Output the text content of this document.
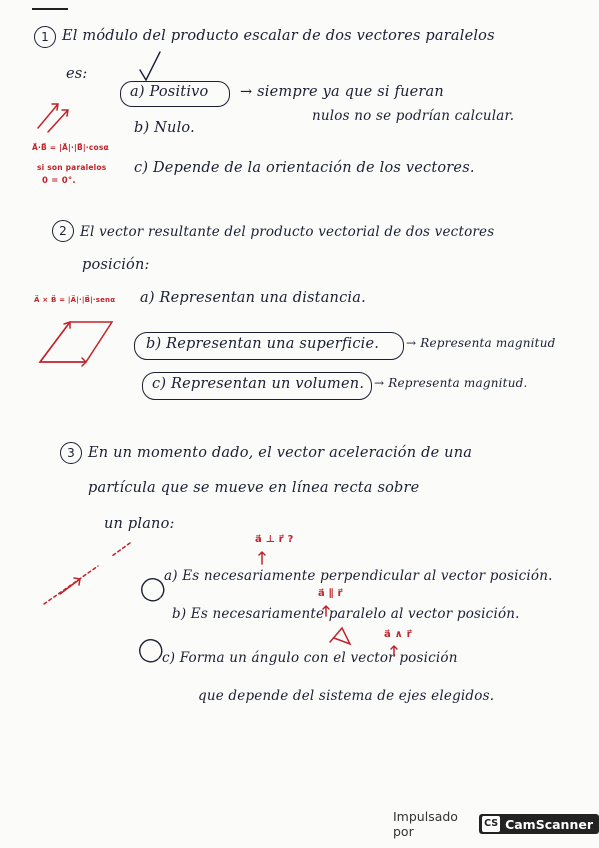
1 El módulo del producto escalar de dos vectores paralelos
es:
a) Positivo → siempre ya que si fueran
nulos no se podrían calcular.
b) Nulo.
c) Depende de la orientación de los vectores.
A⃗·B⃗ = |A⃗|·|B⃗|·cosα
si son paralelos
0 = 0°.
2 El vector resultante del producto vectorial de dos vectores
posición:
A⃗ × B⃗ = |A⃗|·|B⃗|·senα a) Representan una distancia.
b) Representan una superficie. → Representa magnitud
c) Representan un volumen. → Representa magnitud.
3 En un momento dado, el vector aceleración de una
partícula que se mueve en línea recta sobre
un plano:
a⃗ ⊥ r⃗ ?
a) Es necesariamente perpendicular al vector posición.
a⃗ ∥ r⃗
b) Es necesariamente paralelo al vector posición.
a⃗ ∧ r⃗
c) Forma un ángulo con el vector posición
que depende del sistema de ejes elegidos.
Impulsado por
CS CamScanner
